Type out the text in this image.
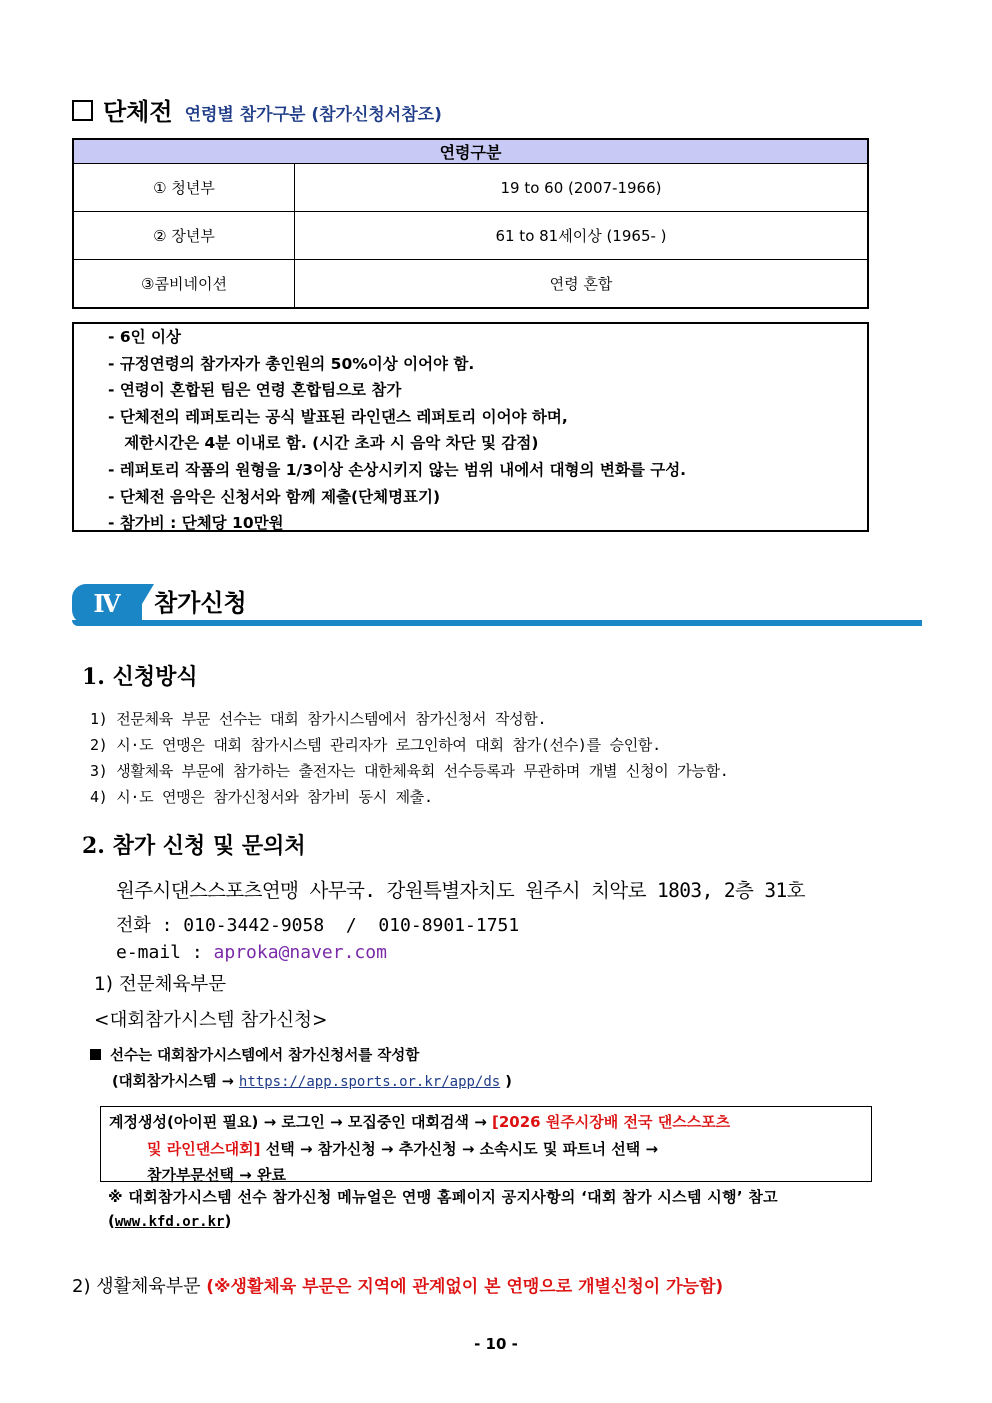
단체전 연령별 참가구분 (참가신청서참조)
연령구분	
① 청년부	19 to 60 (2007-1966)
② 장년부	61 to 81세이상 (1965- )
③콤비네이션	연령 혼합
- 6인 이상
- 규정연령의 참가자가 총인원의 50%이상 이어야 함.
- 연령이 혼합된 팀은 연령 혼합팀으로 참가
- 단체전의 레퍼토리는 공식 발표된 라인댄스 레퍼토리 이어야 하며,
제한시간은 4분 이내로 함. (시간 초과 시 음악 차단 및 감점)
- 레퍼토리 작품의 원형을 1/3이상 손상시키지 않는 범위 내에서 대형의 변화를 구성.
- 단체전 음악은 신청서와 함께 제출(단체명표기)
- 참가비 : 단체당 10만원
Ⅳ	참가신청
1. 신청방식
1) 전문체육 부문 선수는 대회 참가시스템에서 참가신청서 작성함.
2) 시·도 연맹은 대회 참가시스템 관리자가 로그인하여 대회 참가(선수)를 승인함.
3) 생활체육 부문에 참가하는 출전자는 대한체육회 선수등록과 무관하며 개별 신청이 가능함.
4) 시·도 연맹은 참가신청서와 참가비 동시 제출.
2. 참가 신청 및 문의처
원주시댄스스포츠연맹 사무국. 강원특별자치도 원주시 치악로 1803, 2층 31호
전화 : 010-3442-9058  /  010-8901-1751
e-mail : aproka@naver.com
1) 전문체육부문
<대회참가시스템 참가신청>
선수는 대회참가시스템에서 참가신청서를 작성함
(대회참가시스템 → https://app.sports.or.kr/app/ds )
계정생성(아이핀 필요) → 로그인 → 모집중인 대회검색 → [2026 원주시장배 전국 댄스스포츠
및 라인댄스대회] 선택 → 참가신청 → 추가신청 → 소속시도 및 파트너 선택 →
참가부문선택 → 완료
※ 대회참가시스템 선수 참가신청 메뉴얼은 연맹 홈페이지 공지사항의 ‘대회 참가 시스템 시행’ 참고
(www.kfd.or.kr)
2) 생활체육부문 (※생활체육 부문은 지역에 관계없이 본 연맹으로 개별신청이 가능함)
- 10 -
